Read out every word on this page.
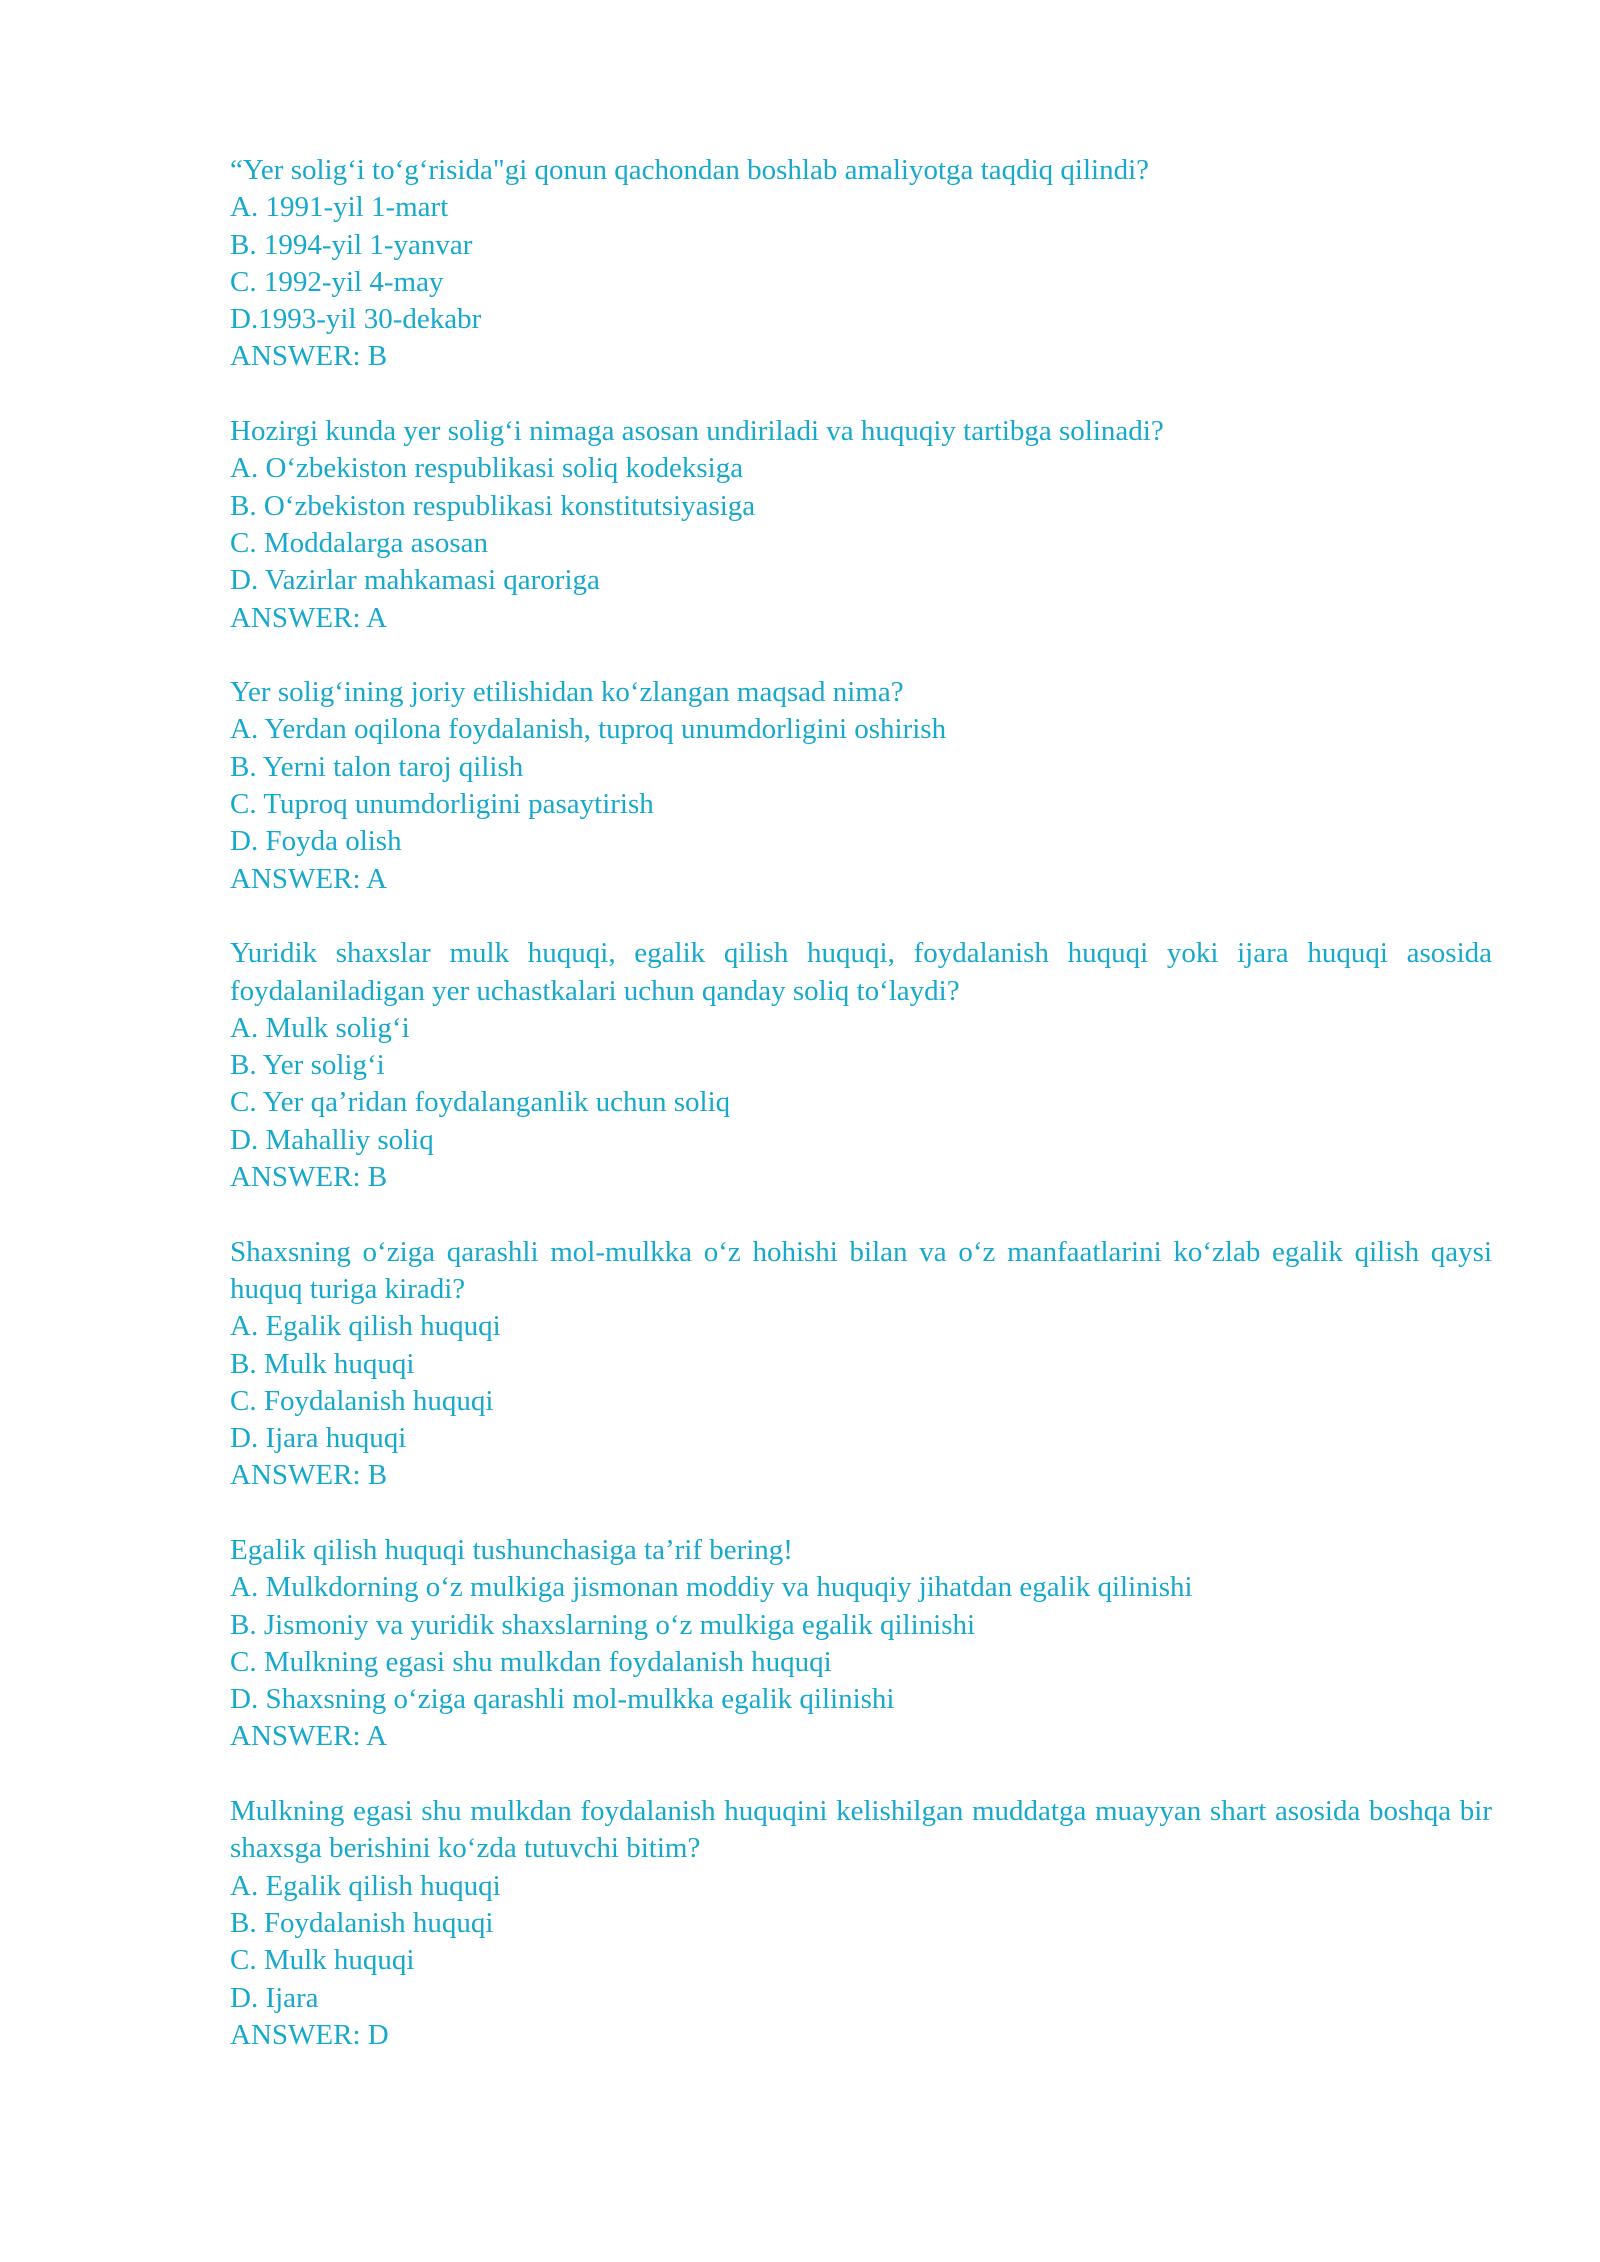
“Yer solig‘i to‘g‘risida"gi qonun qachondan boshlab amaliyotga taqdiq qilindi?

A. 1991-yil 1-mart

B. 1994-yil 1-yanvar

C. 1992-yil 4-may

D.1993-yil 30-dekabr

ANSWER: B

Hozirgi kunda yer solig‘i nimaga asosan undiriladi va huquqiy tartibga solinadi?

A. O‘zbekiston respublikasi soliq kodeksiga

B. O‘zbekiston respublikasi konstitutsiyasiga

C. Moddalarga asosan

D. Vazirlar mahkamasi qaroriga

ANSWER: A

Yer solig‘ining joriy etilishidan ko‘zlangan maqsad nima?

A. Yerdan oqilona foydalanish, tuproq unumdorligini oshirish

B. Yerni talon taroj qilish

C. Tuproq unumdorligini pasaytirish

D. Foyda olish

ANSWER: A

Yuridik shaxslar mulk huquqi, egalik qilish huquqi, foydalanish huquqi yoki ijara huquqi asosida foydalaniladigan yer uchastkalari uchun qanday soliq to‘laydi?

A. Mulk solig‘i

B. Yer solig‘i

C. Yer qa’ridan foydalanganlik uchun soliq

D. Mahalliy soliq

ANSWER: B

Shaxsning o‘ziga qarashli mol-mulkka o‘z hohishi bilan va o‘z manfaatlarini ko‘zlab egalik qilish qaysi huquq turiga kiradi?

A. Egalik qilish huquqi

B. Mulk huquqi

C. Foydalanish huquqi

D. Ijara huquqi

ANSWER: B

Egalik qilish huquqi tushunchasiga ta’rif bering!

A. Mulkdorning o‘z mulkiga jismonan moddiy va huquqiy jihatdan egalik qilinishi

B. Jismoniy va yuridik shaxslarning o‘z mulkiga egalik qilinishi

C. Mulkning egasi shu mulkdan foydalanish huquqi

D. Shaxsning o‘ziga qarashli mol-mulkka egalik qilinishi

ANSWER: A

Mulkning egasi shu mulkdan foydalanish huquqini kelishilgan muddatga muayyan shart asosida boshqa bir shaxsga berishini ko‘zda tutuvchi bitim?

A. Egalik qilish huquqi

B. Foydalanish huquqi

C. Mulk huquqi

D. Ijara

ANSWER: D
